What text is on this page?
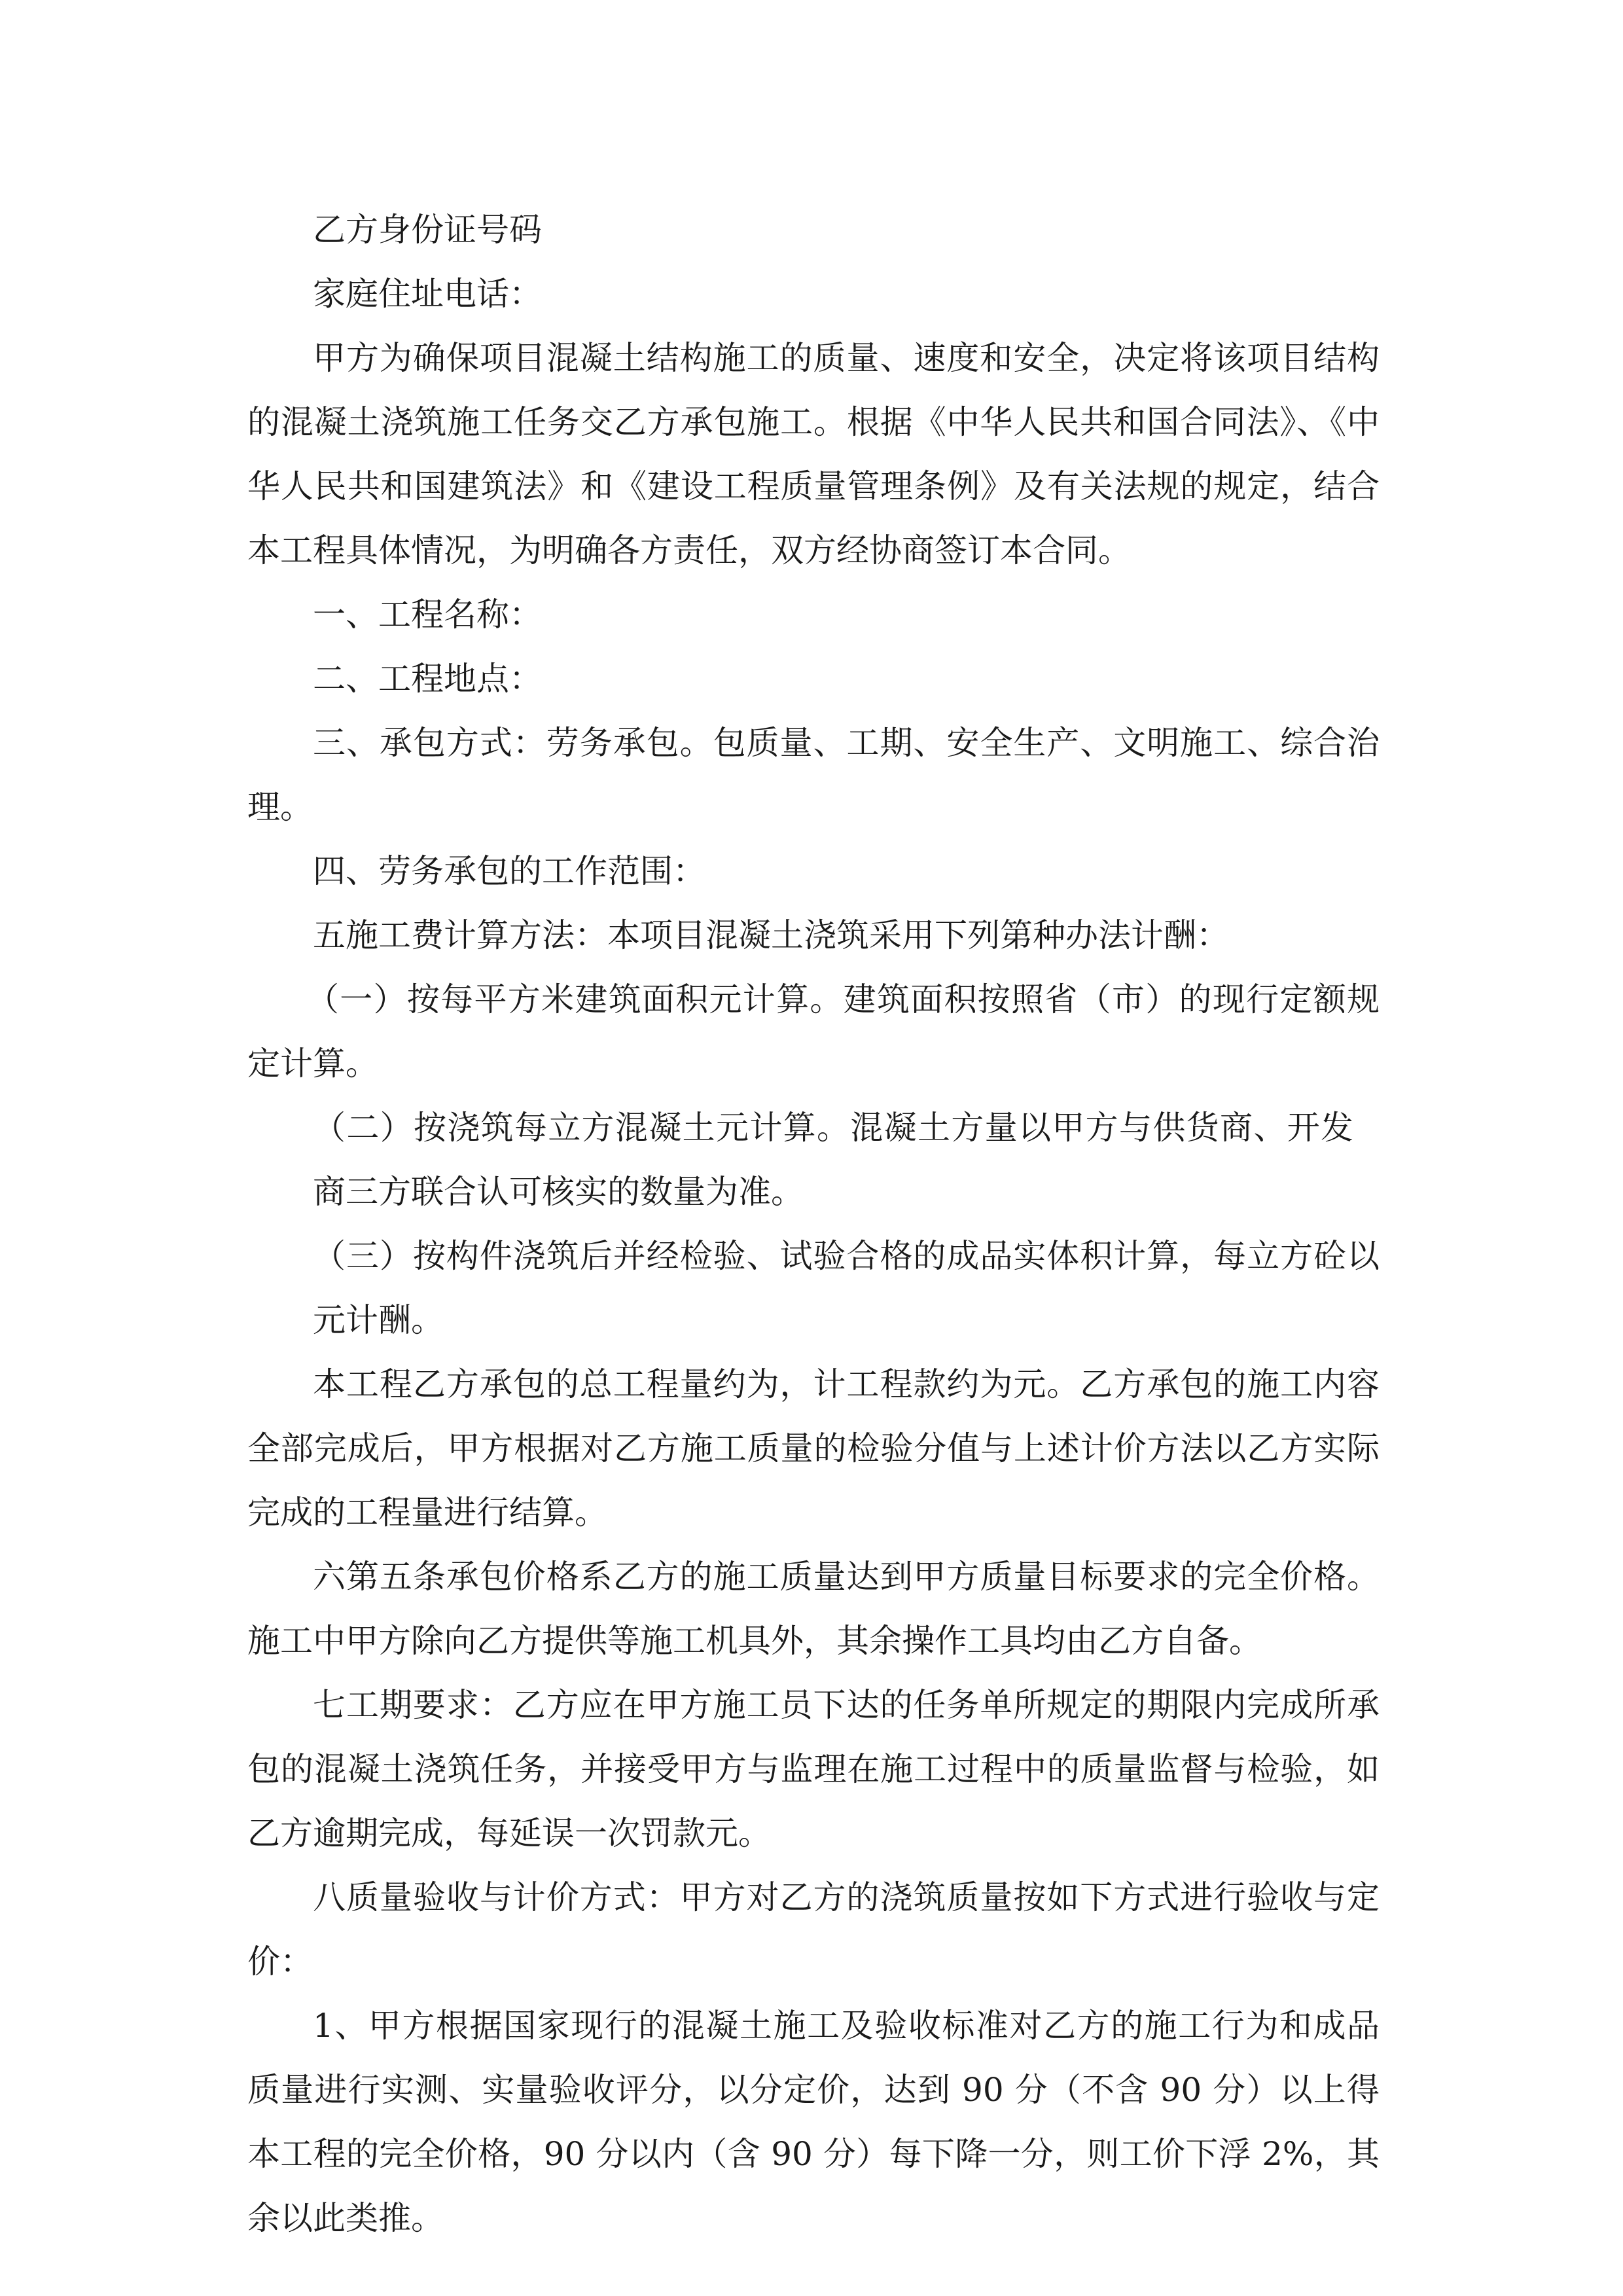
乙方身份证号码

家庭住址电话：

甲方为确保项目混凝土结构施工的质量、速度和安全，决定将该项目结构的混凝土浇筑施工任务交乙方承包施工。根据《中华人民共和国合同法》、《中华人民共和国建筑法》和《建设工程质量管理条例》及有关法规的规定，结合本工程具体情况，为明确各方责任，双方经协商签订本合同。

一、工程名称：

二、工程地点：

三、承包方式：劳务承包。包质量、工期、安全生产、文明施工、综合治理。

四、劳务承包的工作范围：

五施工费计算方法：本项目混凝土浇筑采用下列第种办法计酬：

（一）按每平方米建筑面积元计算。建筑面积按照省（市）的现行定额规定计算。

（二）按浇筑每立方混凝土元计算。混凝土方量以甲方与供货商、开发商三方联合认可核实的数量为准。

（三）按构件浇筑后并经检验、试验合格的成品实体积计算，每立方砼以元计酬。

本工程乙方承包的总工程量约为，计工程款约为元。乙方承包的施工内容全部完成后，甲方根据对乙方施工质量的检验分值与上述计价方法以乙方实际完成的工程量进行结算。

六第五条承包价格系乙方的施工质量达到甲方质量目标要求的完全价格。施工中甲方除向乙方提供等施工机具外，其余操作工具均由乙方自备。

七工期要求：乙方应在甲方施工员下达的任务单所规定的期限内完成所承包的混凝土浇筑任务，并接受甲方与监理在施工过程中的质量监督与检验，如乙方逾期完成，每延误一次罚款元。

八质量验收与计价方式：甲方对乙方的浇筑质量按如下方式进行验收与定价：

1、甲方根据国家现行的混凝土施工及验收标准对乙方的施工行为和成品质量进行实测、实量验收评分，以分定价，达到 90 分（不含 90 分）以上得本工程的完全价格，90 分以内（含 90 分）每下降一分，则工价下浮 2%，其余以此类推。
